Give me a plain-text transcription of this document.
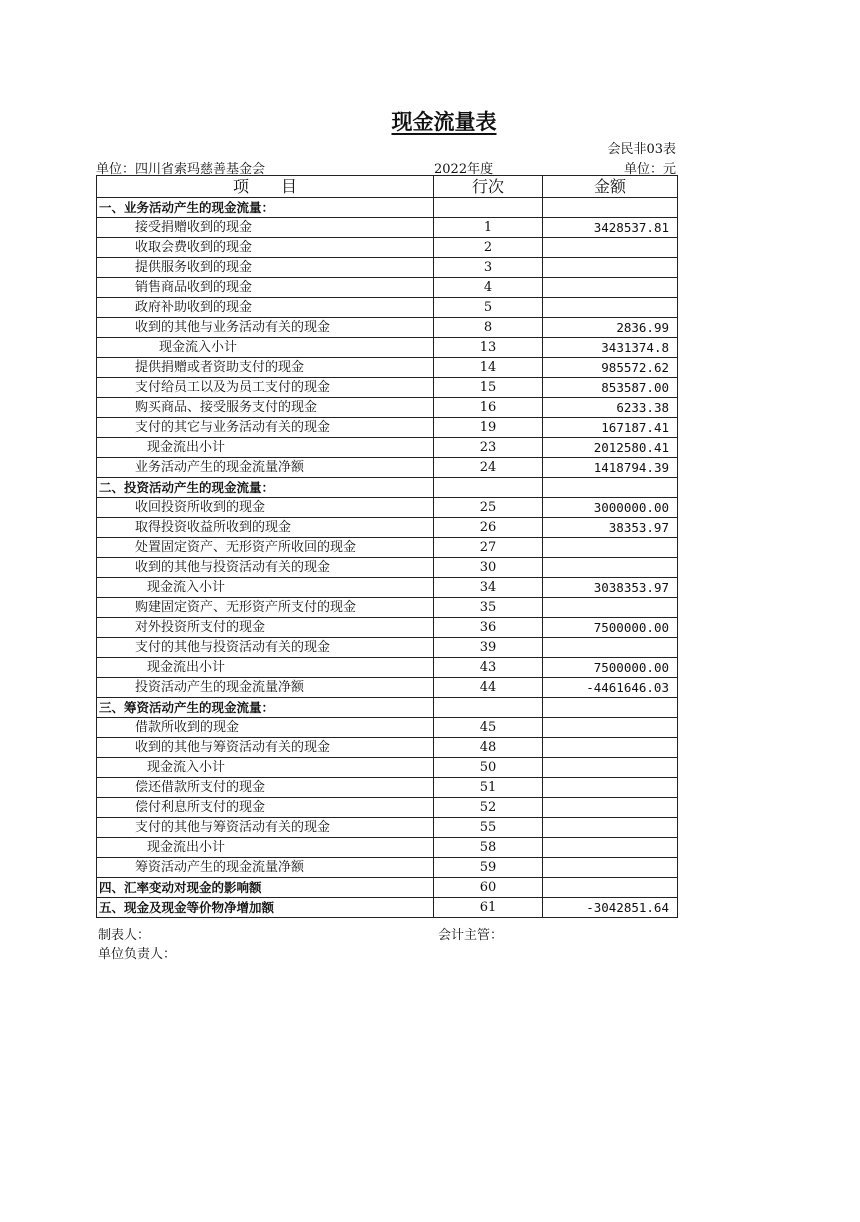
现金流量表
会民非03表
单位：四川省索玛慈善基金会	2022年度	单位：元
项　　目	行次	金额
一、业务活动产生的现金流量：		
接受捐赠收到的现金	1	3428537.81
收取会费收到的现金	2	
提供服务收到的现金	3	
销售商品收到的现金	4	
政府补助收到的现金	5	
收到的其他与业务活动有关的现金	8	2836.99
现金流入小计	13	3431374.8
提供捐赠或者资助支付的现金	14	985572.62
支付给员工以及为员工支付的现金	15	853587.00
购买商品、接受服务支付的现金	16	6233.38
支付的其它与业务活动有关的现金	19	167187.41
现金流出小计	23	2012580.41
业务活动产生的现金流量净额	24	1418794.39
二、投资活动产生的现金流量：		
收回投资所收到的现金	25	3000000.00
取得投资收益所收到的现金	26	38353.97
处置固定资产、无形资产所收回的现金	27	
收到的其他与投资活动有关的现金	30	
现金流入小计	34	3038353.97
购建固定资产、无形资产所支付的现金	35	
对外投资所支付的现金	36	7500000.00
支付的其他与投资活动有关的现金	39	
现金流出小计	43	7500000.00
投资活动产生的现金流量净额	44	-4461646.03
三、筹资活动产生的现金流量：		
借款所收到的现金	45	
收到的其他与筹资活动有关的现金	48	
现金流入小计	50	
偿还借款所支付的现金	51	
偿付利息所支付的现金	52	
支付的其他与筹资活动有关的现金	55	
现金流出小计	58	
筹资活动产生的现金流量净额	59	
四、汇率变动对现金的影响额	60	
五、现金及现金等价物净增加额	61	-3042851.64
制表人：	会计主管：
单位负责人：
